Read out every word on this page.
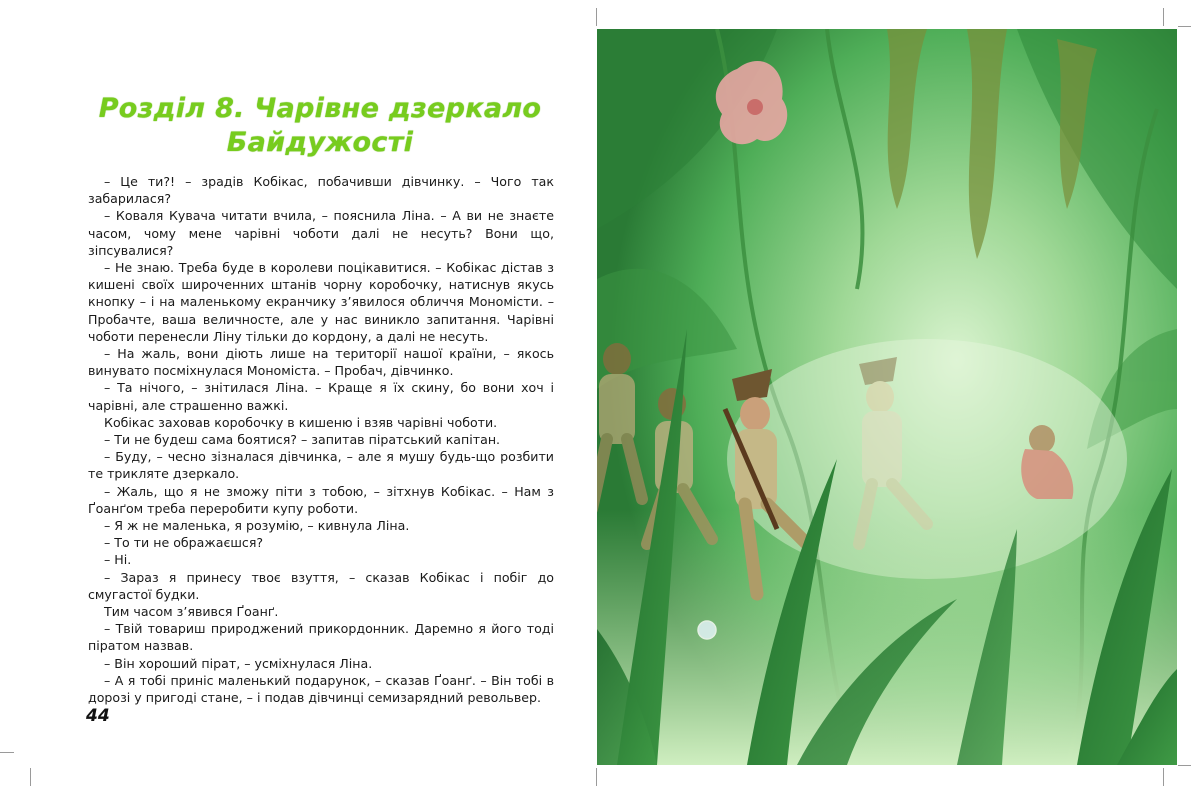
Розділ 8. Чарівне дзеркало
Байдужості

– Це ти?! – зрадів Кобікас, побачивши дівчинку. – Чого так забарилася?

– Коваля Кувача читати вчила, – пояснила Ліна. – А ви не знаєте часом, чому мене чарівні чоботи далі не несуть? Вони що, зіпсувалися?

– Не знаю. Треба буде в королеви поцікавитися. – Кобікас дістав з кишені своїх широченних штанів чорну коробочку, натиснув якусь кнопку – і на маленькому екранчику з’явилося обличчя Мономісти. – Пробачте, ваша величносте, але у нас виникло запитання. Чарівні чоботи перенесли Ліну тільки до кордону, а далі не несуть.

– На жаль, вони діють лише на території нашої країни, – якось винувато посміхнулася Мономіста. – Пробач, дівчинко.

– Та нічого, – знітилася Ліна. – Краще я їх скину, бо вони хоч і чарівні, але страшенно важкі.

Кобікас заховав коробочку в кишеню і взяв чарівні чоботи.

– Ти не будеш сама боятися? – запитав піратський капітан.

– Буду, – чесно зізналася дівчинка, – але я мушу будь-що розбити те трикляте дзеркало.

– Жаль, що я не зможу піти з тобою, – зітхнув Кобікас. – Нам з Ґоанґом треба переробити купу роботи.

– Я ж не маленька, я розумію, – кивнула Ліна.

– То ти не ображаєшся?

– Ні.

– Зараз я принесу твоє взуття, – сказав Кобікас і побіг до смугастої будки.

Тим часом з’явився Ґоанґ.

– Твій товариш природжений прикордонник. Даремно я його тоді піратом назвав.

– Він хороший пірат, – усміхнулася Ліна.

– А я тобі приніс маленький подарунок, – сказав Ґоанґ. – Він тобі в дорозі у пригоді стане, – і подав дівчинці семизарядний револьвер.

44
